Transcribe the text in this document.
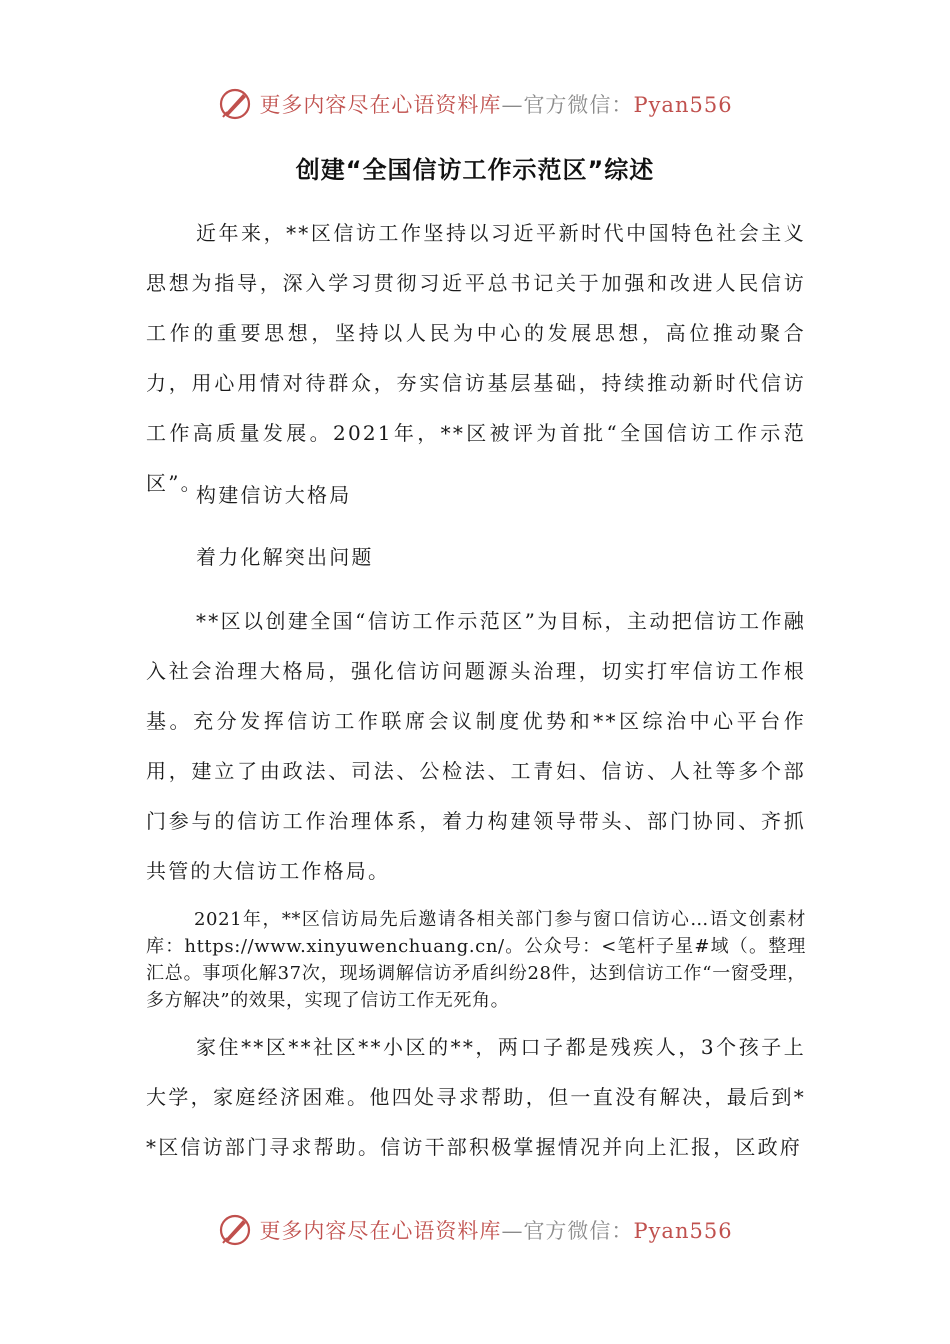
更多内容尽在心语资料库—官方微信：Pyan556
创建“全国信访工作示范区”综述

近年来，**区信访工作坚持以习近平新时代中国特色社会主义思想为指导，深入学习贯彻习近平总书记关于加强和改进人民信访工作的重要思想，坚持以人民为中心的发展思想，高位推动聚合力，用心用情对待群众，夯实信访基层基础，持续推动新时代信访工作高质量发展。2021年，**区被评为首批“全国信访工作示范区”。

构建信访大格局

着力化解突出问题

**区以创建全国“信访工作示范区”为目标，主动把信访工作融入社会治理大格局，强化信访问题源头治理，切实打牢信访工作根基。充分发挥信访工作联席会议制度优势和**区综治中心平台作用，建立了由政法、司法、公检法、工青妇、信访、人社等多个部门参与的信访工作治理体系，着力构建领导带头、部门协同、齐抓共管的大信访工作格局。

2021年，**区信访局先后邀请各相关部门参与窗口信访心…语文创素材库：https://www.xinyuwenchuang.cn/。公众号：<笔杆子星#域（。整理汇总。事项化解37次，现场调解信访矛盾纠纷28件，达到信访工作“一窗受理，多方解决”的效果，实现了信访工作无死角。

家住**区**社区**小区的**，两口子都是残疾人，3个孩子上大学，家庭经济困难。他四处寻求帮助，但一直没有解决，最后到**区信访部门寻求帮助。信访干部积极掌握情况并向上汇报，区政府

更多内容尽在心语资料库—官方微信：Pyan556
